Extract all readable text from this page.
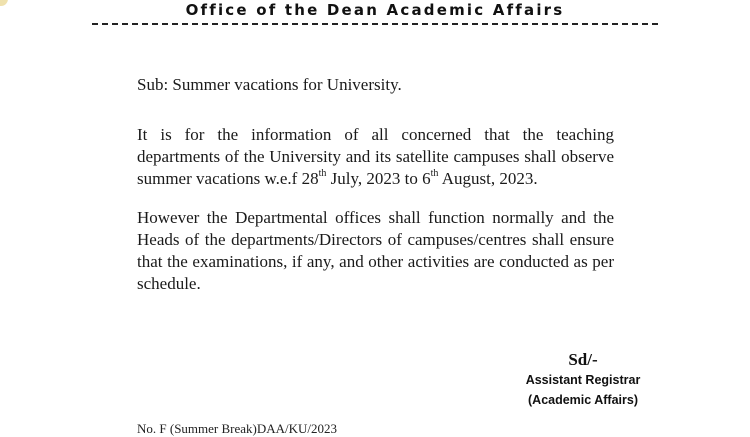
Office of the Dean Academic Affairs
Sub: Summer vacations for University.
It is for the information of all concerned that the teaching departments of the University and its satellite campuses shall observe summer vacations w.e.f 28th July, 2023 to 6th August, 2023.
However the Departmental offices shall function normally and the Heads of the departments/Directors of campuses/centres shall ensure that the examinations, if any, and other activities are conducted as per schedule.
Sd/-
Assistant Registrar
(Academic Affairs)
No. F (Summer Break)DAA/KU/2023
